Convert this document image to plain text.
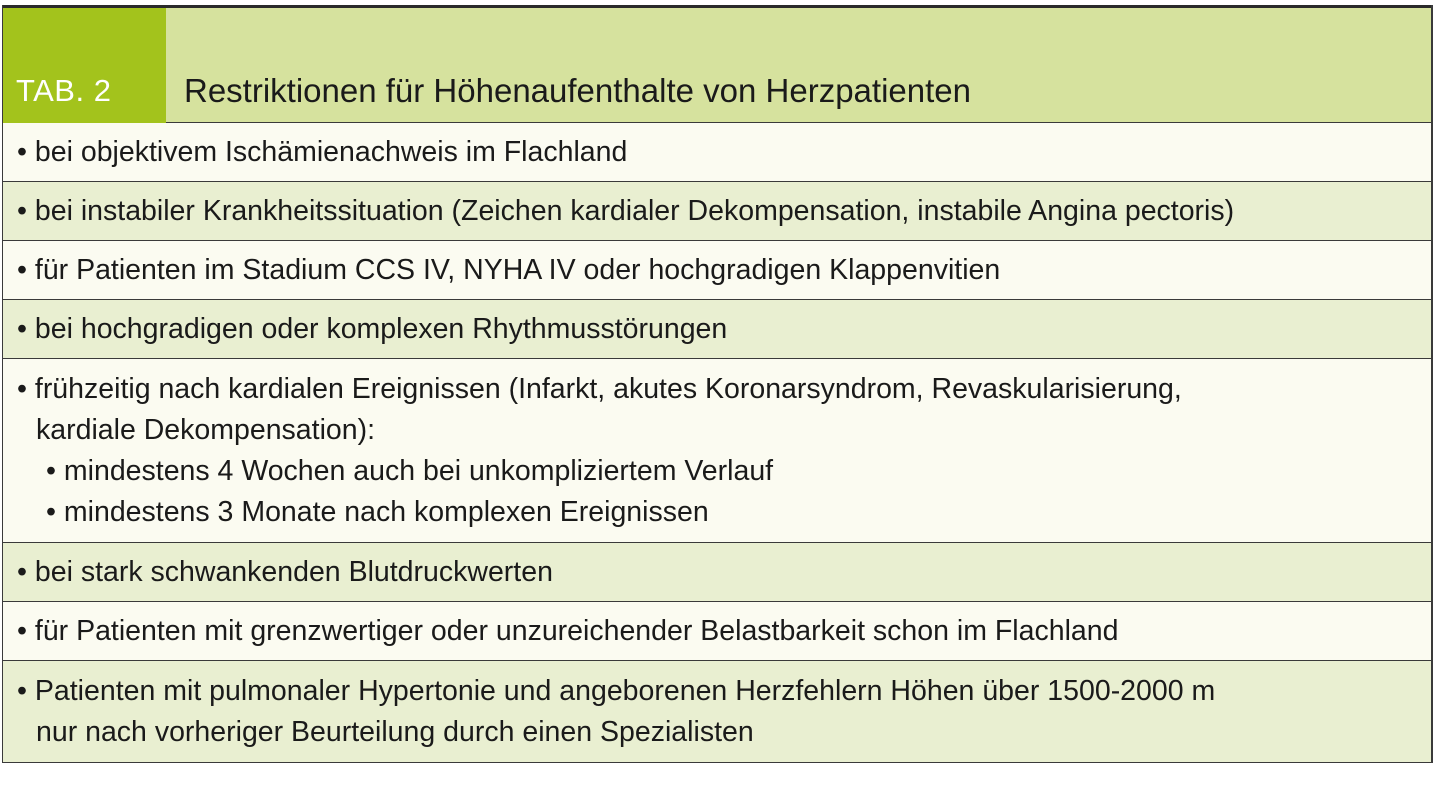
TAB. 2	Restriktionen für Höhenaufenthalte von Herzpatienten
• bei objektivem Ischämienachweis im Flachland
• bei instabiler Krankheitssituation (Zeichen kardialer Dekompensation, instabile Angina pectoris)
• für Patienten im Stadium CCS IV, NYHA IV oder hochgradigen Klappenvitien
• bei hochgradigen oder komplexen Rhythmusstörungen
• frühzeitig nach kardialen Ereignissen (Infarkt, akutes Koronarsyndrom, Revaskularisierung,
kardiale Dekompensation):
• mindestens 4 Wochen auch bei unkompliziertem Verlauf
• mindestens 3 Monate nach komplexen Ereignissen
• bei stark schwankenden Blutdruckwerten
• für Patienten mit grenzwertiger oder unzureichender Belastbarkeit schon im Flachland
• Patienten mit pulmonaler Hypertonie und angeborenen Herzfehlern Höhen über 1500-2000 m
nur nach vorheriger Beurteilung durch einen Spezialisten
